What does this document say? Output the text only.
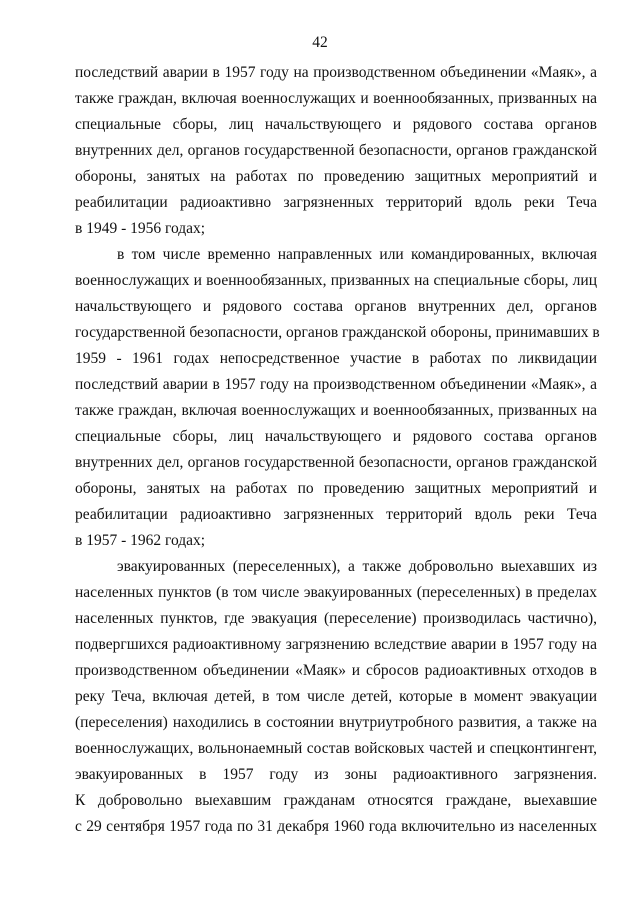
42
последствий аварии в 1957 году на производственном объединении «Маяк», а
также граждан, включая военнослужащих и военнообязанных, призванных на
специальные сборы, лиц начальствующего и рядового состава органов
внутренних дел, органов государственной безопасности, органов гражданской
обороны, занятых на работах по проведению защитных мероприятий и
реабилитации радиоактивно загрязненных территорий вдоль реки Теча
в 1949 - 1956 годах;
в том числе временно направленных или командированных, включая
военнослужащих и военнообязанных, призванных на специальные сборы, лиц
начальствующего и рядового состава органов внутренних дел, органов
государственной безопасности, органов гражданской обороны, принимавших в
1959 - 1961 годах непосредственное участие в работах по ликвидации
последствий аварии в 1957 году на производственном объединении «Маяк», а
также граждан, включая военнослужащих и военнообязанных, призванных на
специальные сборы, лиц начальствующего и рядового состава органов
внутренних дел, органов государственной безопасности, органов гражданской
обороны, занятых на работах по проведению защитных мероприятий и
реабилитации радиоактивно загрязненных территорий вдоль реки Теча
в 1957 - 1962 годах;
эвакуированных (переселенных), а также добровольно выехавших из
населенных пунктов (в том числе эвакуированных (переселенных) в пределах
населенных пунктов, где эвакуация (переселение) производилась частично),
подвергшихся радиоактивному загрязнению вследствие аварии в 1957 году на
производственном объединении «Маяк» и сбросов радиоактивных отходов в
реку Теча, включая детей, в том числе детей, которые в момент эвакуации
(переселения) находились в состоянии внутриутробного развития, а также на
военнослужащих, вольнонаемный состав войсковых частей и спецконтингент,
эвакуированных в 1957 году из зоны радиоактивного загрязнения.
К добровольно выехавшим гражданам относятся граждане, выехавшие
с 29 сентября 1957 года по 31 декабря 1960 года включительно из населенных
